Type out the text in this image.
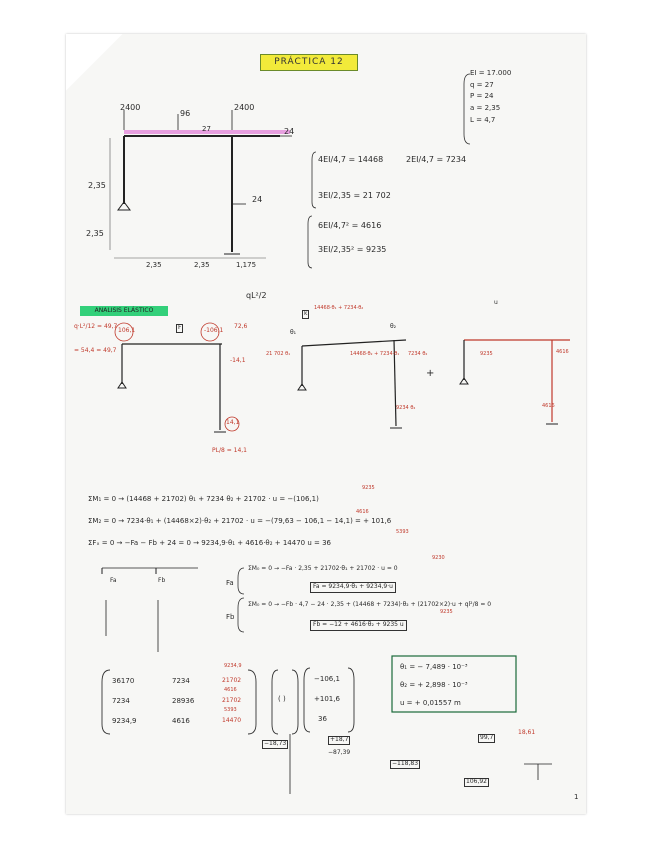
PRÁCTICA 12
EI = 17.000
q = 27
P = 24
a = 2,35
L = 4,7
2400
96
2400
27	24
24
2,35
2,35
2,35	2,35	1,175
4EI/4,7 = 14468	2EI/4,7 = 7234
3EI/2,35 = 21 702
6EI/4,7² = 4616
3EI/2,35² = 9235
ANALISIS ELÁSTICO
F
qL²/2
q·L²/12 = 49,7
= 54,4 = 49,7
106,1	-106,1
72,6
-14,1
14,1
PL/8 = 14,1
k
14468·θ₁ + 7234·θ₂
θ₁
θ₂
21 702 θ₁	14468·θ₂ + 7234·θ₁ 7234 θ₂
9234 θ₂
+
u
9235	4616
4616
ΣM₁ = 0 → (14468 + 21702) θ₁ + 7234 θ₂ + 21702 · u = −(106,1)
ΣM₂ = 0 → 7234·θ₁ + (14468×2)·θ₂ + 21702 · u = −(79,63 − 106,1 − 14,1) = + 101,6
ΣFₓ = 0 → −Fa − Fb + 24 = 0 → 9234,9·θ₁ + 4616·θ₂ + 14470 u = 36
9235
4616
5393
Fa	Fb	Fa
ΣM₀ = 0 → −Fa · 2,35 + 21702·θ₁ + 21702 · u = 0
Fa = 9234,9·θ₁ + 9234,9·u
Fb
ΣM₀ = 0 → −Fb · 4,7 − 24 · 2,35 + (14468 + 7234)·θ₂ + (21702×2)·u + ql²/8 = 0
Fb = −12 + 4616·θ₂ + 9235 u
9230
9235
36170	7234	21702
7234	28936	21702
9234,9	4616	14470
9234,9
4616
5393
( )
−106,1
+101,6
36
θ₁ = − 7,489 · 10⁻³
θ₂ = + 2,898 · 10⁻³
u = + 0,01557 m
−18,73
+18,7
−87,39
−118,83
99,7
106,92
18,61
1
